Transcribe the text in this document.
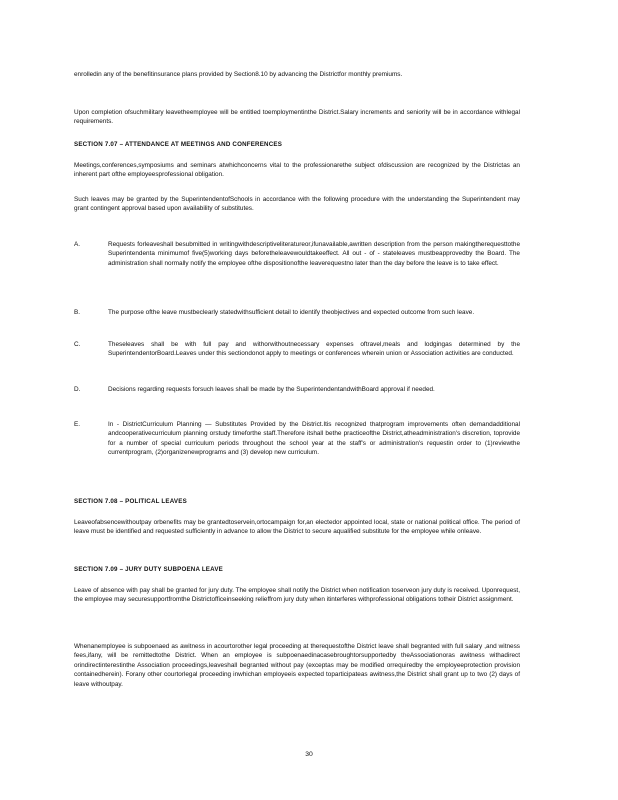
enrolledin any of the benefitinsurance plans provided by Section8.10 by advancing the Districtfor monthly premiums.

Upon completion ofsuchmilitary leavetheemployee will be entitled toemploymentinthe District.Salary increments and seniority will be in accordance withlegal requirements.

SECTION 7.07 – ATTENDANCE AT MEETINGS AND CONFERENCES

Meetings,conferences,symposiums and seminars atwhichconcerns vital to the professionarethe subject ofdiscussion are recognized by the Districtas an inherent part ofthe employeesprofessional obligation.

Such leaves may be granted by the SuperintendentofSchools in accordance with the following procedure with the understanding the Superintendent may grant contingent approval based upon availability of substitutes.

A.	Requests forleaveshall besubmitted in writingwithdescriptiveliteratureor,ifunavailable,awritten description from the person makingtherequesttothe Superintendenta minimumof five(5)working days beforetheleavewouldtakeeffect. All out - of - stateleaves mustbeapprovedby the Board. The administration shall normally notify the employee ofthe dispositionofthe leaverequestno later than the day before the leave is to take effect.
B.	The purpose ofthe leave mustbeclearly statedwithsufficient detail to identify theobjectives and expected outcome from such leave.
C.	Theseleaves shall be with full pay and withorwithoutnecessary expenses oftravel,meals and lodgingas determined by the SuperintendentorBoard.Leaves under this sectiondonot apply to meetings or conferences wherein union or Association activities are conducted.
D.	Decisions regarding requests forsuch leaves shall be made by the SuperintendentandwithBoard approval if needed.
E.	In - DistrictCurriculum Planning — Substitutes Provided by the District.Itis recognized thatprogram improvements often demandadditional andcooperativecurriculum planning orstudy timeforthe staff.Therefore itshall bethe practiceofthe District,atheadministration's discretion, toprovide for a number of special curriculum periods throughout the school year at the staff's or administration's requestin order to (1)reviewthe currentprogram, (2)organizenewprograms and (3) develop new curriculum.
SECTION 7.08 – POLITICAL LEAVES

Leaveofabsencewithoutpay orbenefits may be grantedtoservein,ortocampaign for,an electedor appointed local, state or national political office. The period of leave must be identified and requested sufficiently in advance to allow the District to secure aqualified substitute for the employee while onleave.

SECTION 7.09 – JURY DUTY SUBPOENA LEAVE

Leave of absence with pay shall be granted for jury duty. The employee shall notify the District when notification toserveon jury duty is received. Uponrequest, the employee may securesupportfromthe Districtofficeinseeking relieffrom jury duty when itinterferes withprofessional obligations totheir District assignment.

Whenanemployee is subpoenaed as awitness in acourtorother legal proceeding at therequestofthe District leave shall begranted with full salary ,and witness fees,ifany, will be remittedtothe District. When an employee is subpoenaedinacasebroughtorsupportedby theAssociationoras awitness withadirect orindirectinterestinthe Association proceedings,leaveshall begranted without pay (exceptas may be modified orrequiredby the employeeprotection provision containedherein). Forany other courtorlegal proceeding inwhichan employeeis expected toparticipateas awitness,the District shall grant up to two (2) days of leave withoutpay.

30
